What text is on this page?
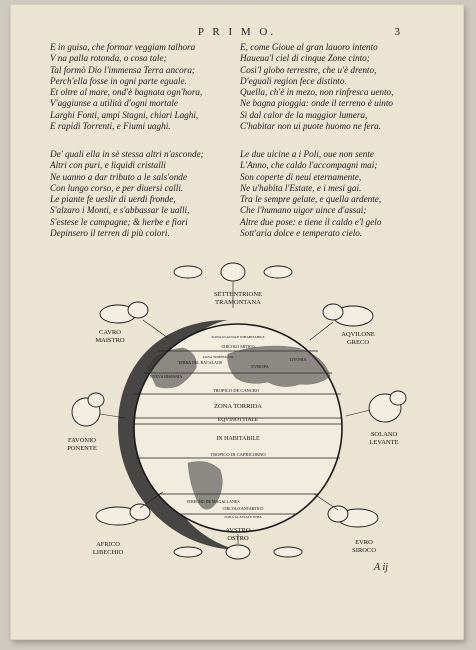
P R I M O.	3
E in guisa, che formar veggiam talhora
V na palla rotonda, o cosa tale;
Tal formò Dio l'immensa Terra ancora;
Perch'ella fosse in ogni parte eguale.
Et oltre al mare, ond'è bagnata ogn'hora,
V'aggiunse a utilità d'ogni mortale
Larghi Fonti, ampi Stagni, chiari Laghi,
E rapidi Torrenti, e Fiumi uaghi.
E, come Gioue al gran lauoro intento
Haueua'l ciel di cinque Zone cinto;
Così'l globo terrestre, che u'è drento,
D'eguali region fece distinto.
Quella, ch'è in mezo, non rinfresca uento,
Ne bagna pioggia: onde il terreno è uinto
Sì dal calor de la maggior lumera,
C'habitar non ui puote huomo ne fera.
De' quali ella in sè stessa altri n'asconde;
Altri con puri, e liquidi cristalli
Ne uanno a dar tributo a le sals'onde
Con lungo corso, e per diuersi calli.
Le piante fe ueslir di uerdi fronde,
S'alzaro i Monti, e s'abbassar le ualli,
S'estese le campagne; & herbe e fiori
Depinsero il terren di più colori.
Le due uicine a i Poli, oue non sente
L'Anno, che caldo l'accompagni mai;
Son coperte di neui eternamente,
Ne u'habita l'Estate, e i mesi gai.
Tra le sempre gelate, e quella ardente,
Che l'humano uigor uince d'assai;
Altre due pose: e tiene il caldo e'l gelo
Sott'aria dolce e temperato cielo.
ZONA TORRIDA
EQVINOTTIALE
IN HABITABILE
TROPICO DE CANCRO
TROPICO DI CAPRICORNO
CIRCOLO ARTICO
ZONA GLACIALE INHABITABILE
ZONA TEMPERATA
CIRCOLO ANTARTICO
ZONA GLACIALE INHA
TERRA DEL BACALAOS
EVROPA
NVEVA HISPANIA
LIVONIA
STRECHO DE MAGALLANES
SETTENTRIONE
TRAMONTANA
CAVRO
MAISTRO
AQVILONE
GRECO
FAVONIO
PONENTE
SOLANO
LEVANTE
AFRICO
LIBECHIO
AVSTRO
OSTRO
EVRO
SIROCO
A ij
